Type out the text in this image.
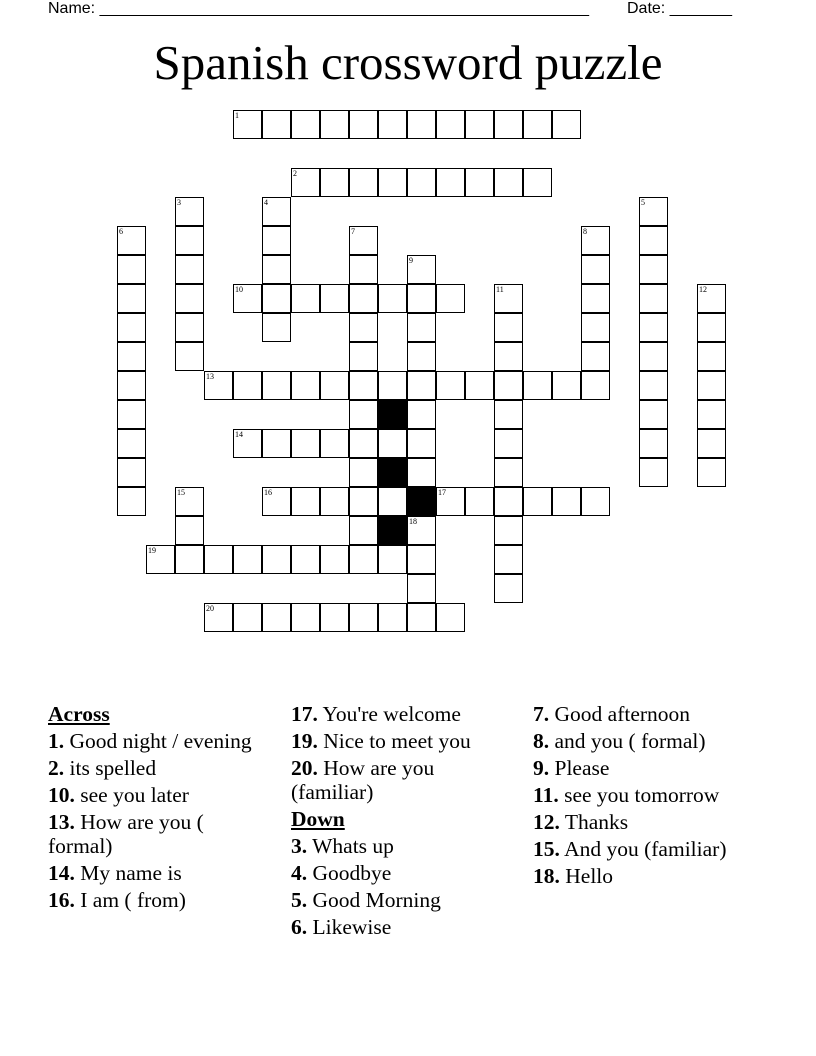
Name: _______________________________________________________ Date: _______
Spanish crossword puzzle
1
2
3	4	5
6	7	8
9
10	11	12
13
14
15	16	17
18
19
20
Across
1. Good night / evening
2. its spelled
10. see you later
13. How are you ( formal)
14. My name is
16. I am ( from)
17. You're welcome
19. Nice to meet you
20. How are you (familiar)
Down
3. Whats up
4. Goodbye
5. Good Morning
6. Likewise
7. Good afternoon
8. and you ( formal)
9. Please
11. see you tomorrow
12. Thanks
15. And you (familiar)
18. Hello
